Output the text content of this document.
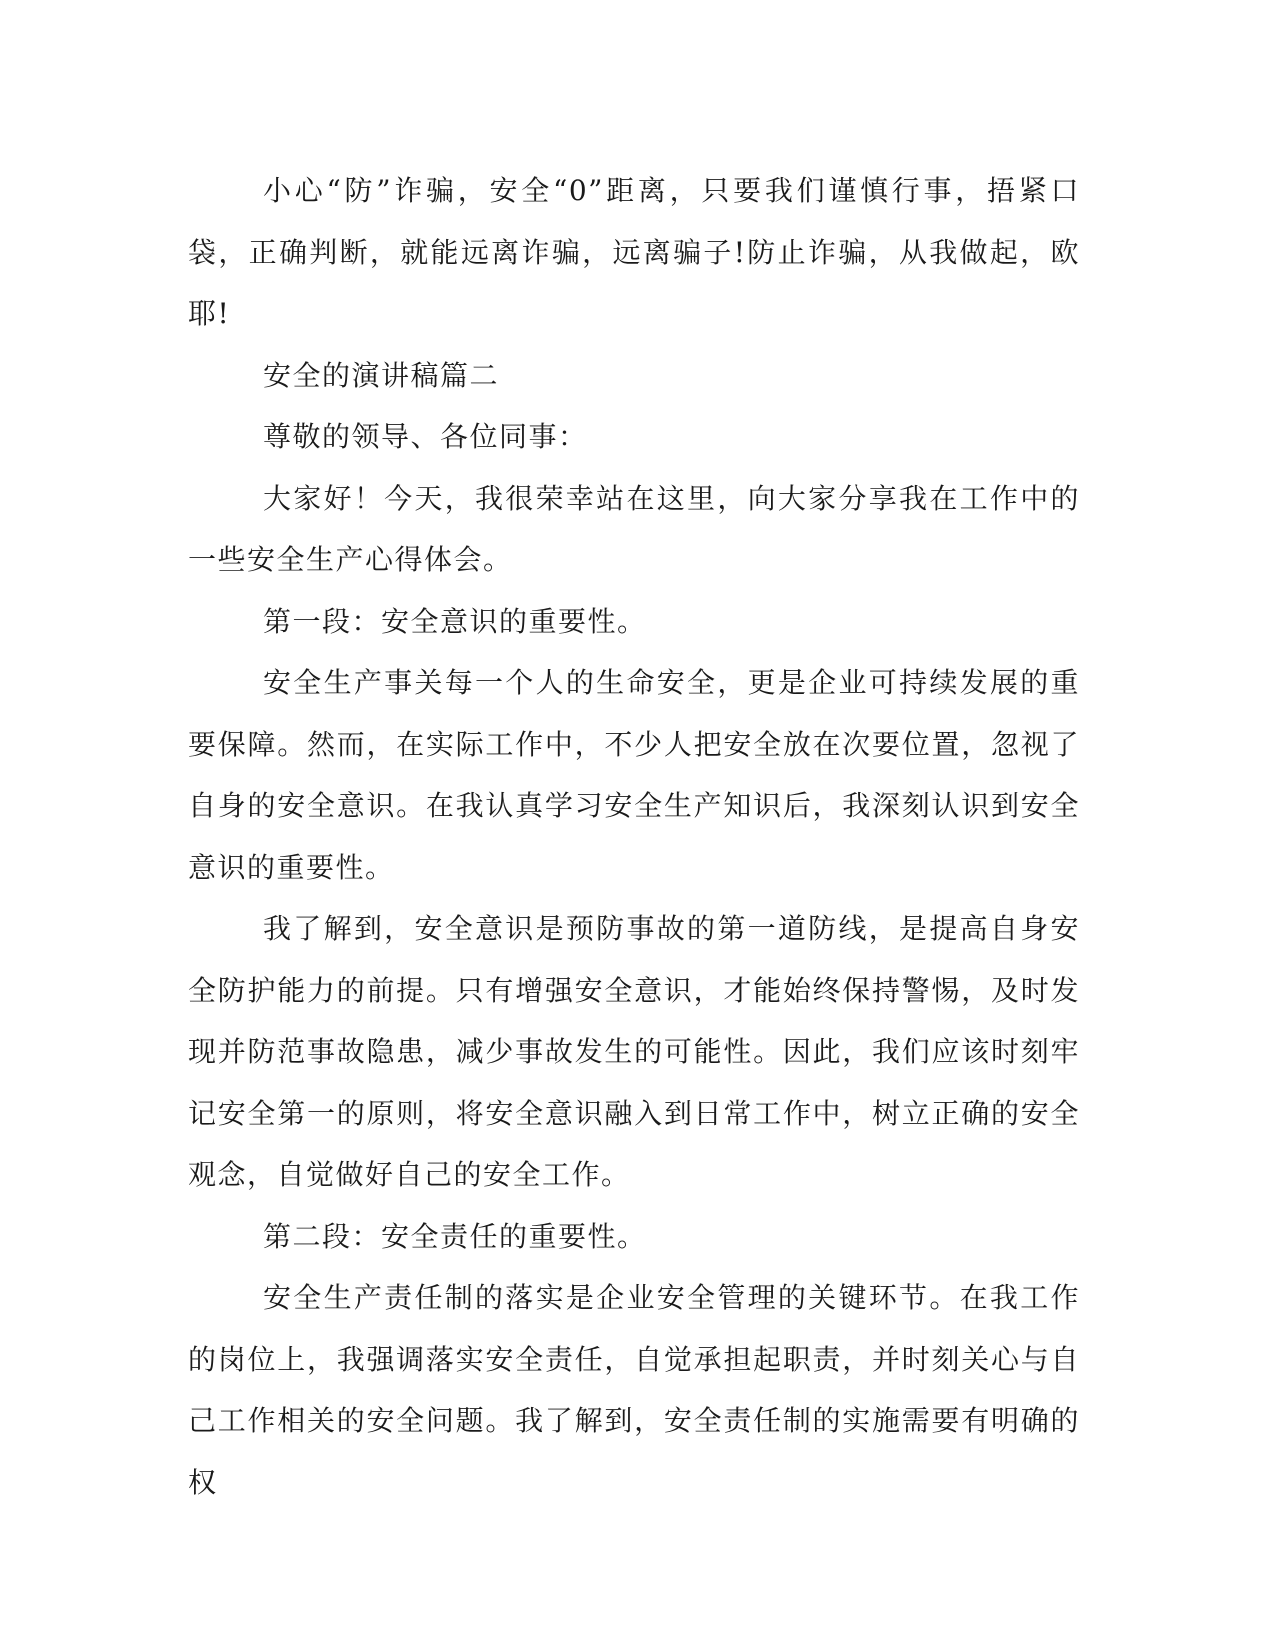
小心“防”诈骗，安全“0”距离，只要我们谨慎行事，捂紧口袋，正确判断，就能远离诈骗，远离骗子!防止诈骗，从我做起，欧耶!

安全的演讲稿篇二

尊敬的领导、各位同事：

大家好！今天，我很荣幸站在这里，向大家分享我在工作中的一些安全生产心得体会。

第一段：安全意识的重要性。

安全生产事关每一个人的生命安全，更是企业可持续发展的重要保障。然而，在实际工作中，不少人把安全放在次要位置，忽视了自身的安全意识。在我认真学习安全生产知识后，我深刻认识到安全意识的重要性。

我了解到，安全意识是预防事故的第一道防线，是提高自身安全防护能力的前提。只有增强安全意识，才能始终保持警惕，及时发现并防范事故隐患，减少事故发生的可能性。因此，我们应该时刻牢记安全第一的原则，将安全意识融入到日常工作中，树立正确的安全观念，自觉做好自己的安全工作。

第二段：安全责任的重要性。

安全生产责任制的落实是企业安全管理的关键环节。在我工作的岗位上，我强调落实安全责任，自觉承担起职责，并时刻关心与自己工作相关的安全问题。我了解到，安全责任制的实施需要有明确的权
